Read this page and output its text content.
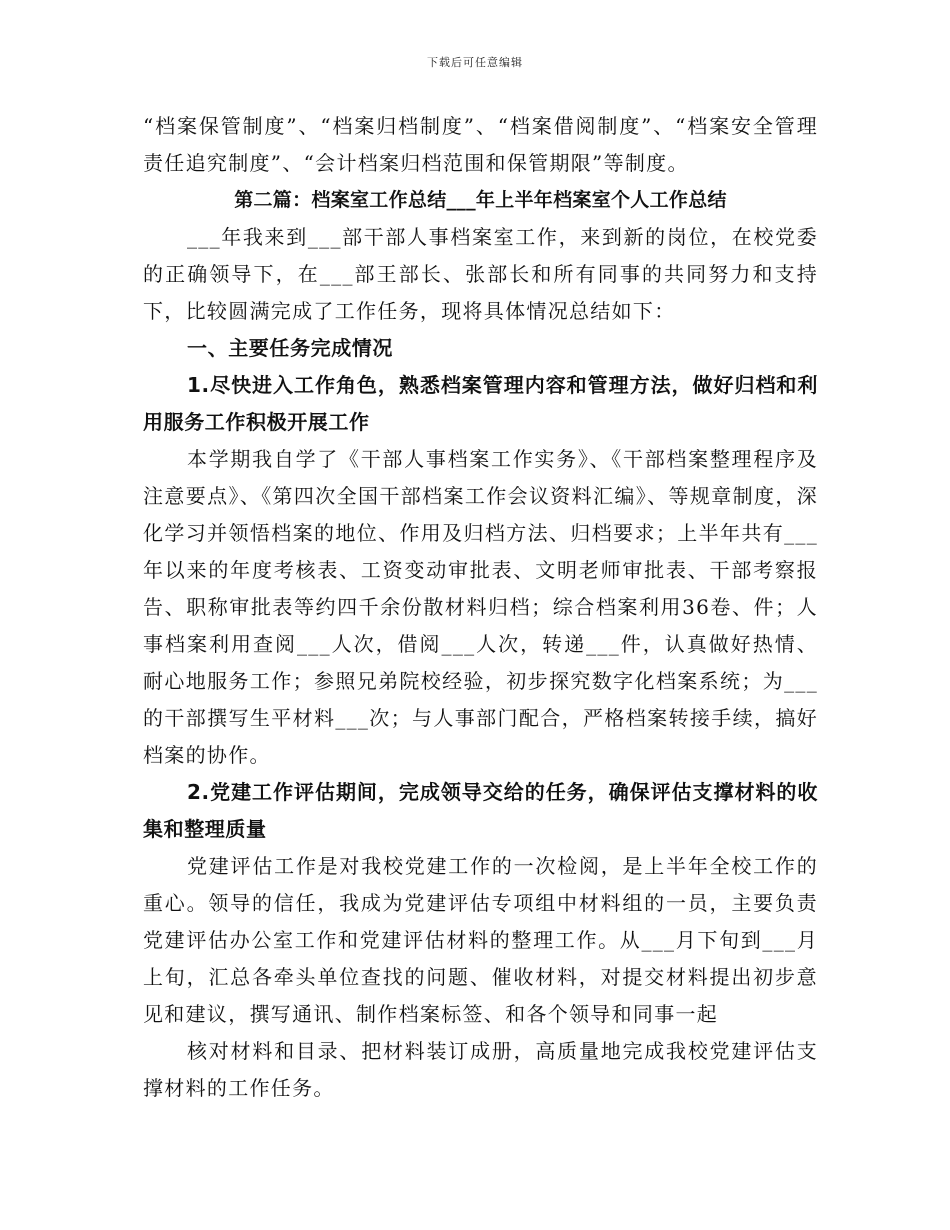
下载后可任意编辑

“档案保管制度”、“档案归档制度”、“档案借阅制度”、“档案安全管理责任追究制度”、“会计档案归档范围和保管期限”等制度。

第二篇：档案室工作总结___年上半年档案室个人工作总结

___年我来到___部干部人事档案室工作，来到新的岗位，在校党委的正确领导下，在___部王部长、张部长和所有同事的共同努力和支持下，比较圆满完成了工作任务，现将具体情况总结如下：

一、主要任务完成情况

1.尽快进入工作角色，熟悉档案管理内容和管理方法，做好归档和利用服务工作积极开展工作

本学期我自学了《干部人事档案工作实务》、《干部档案整理程序及注意要点》、《第四次全国干部档案工作会议资料汇编》、等规章制度，深化学习并领悟档案的地位、作用及归档方法、归档要求；上半年共有___年以来的年度考核表、工资变动审批表、文明老师审批表、干部考察报告、职称审批表等约四千余份散材料归档；综合档案利用36卷、件；人事档案利用查阅___人次，借阅___人次，转递___件，认真做好热情、耐心地服务工作；参照兄弟院校经验，初步探究数字化档案系统；为___的干部撰写生平材料___次；与人事部门配合，严格档案转接手续，搞好档案的协作。

2.党建工作评估期间，完成领导交给的任务，确保评估支撑材料的收集和整理质量

党建评估工作是对我校党建工作的一次检阅，是上半年全校工作的重心。领导的信任，我成为党建评估专项组中材料组的一员，主要负责党建评估办公室工作和党建评估材料的整理工作。从___月下旬到___月上旬，汇总各牵头单位查找的问题、催收材料，对提交材料提出初步意见和建议，撰写通讯、制作档案标签、和各个领导和同事一起

核对材料和目录、把材料装订成册，高质量地完成我校党建评估支撑材料的工作任务。
